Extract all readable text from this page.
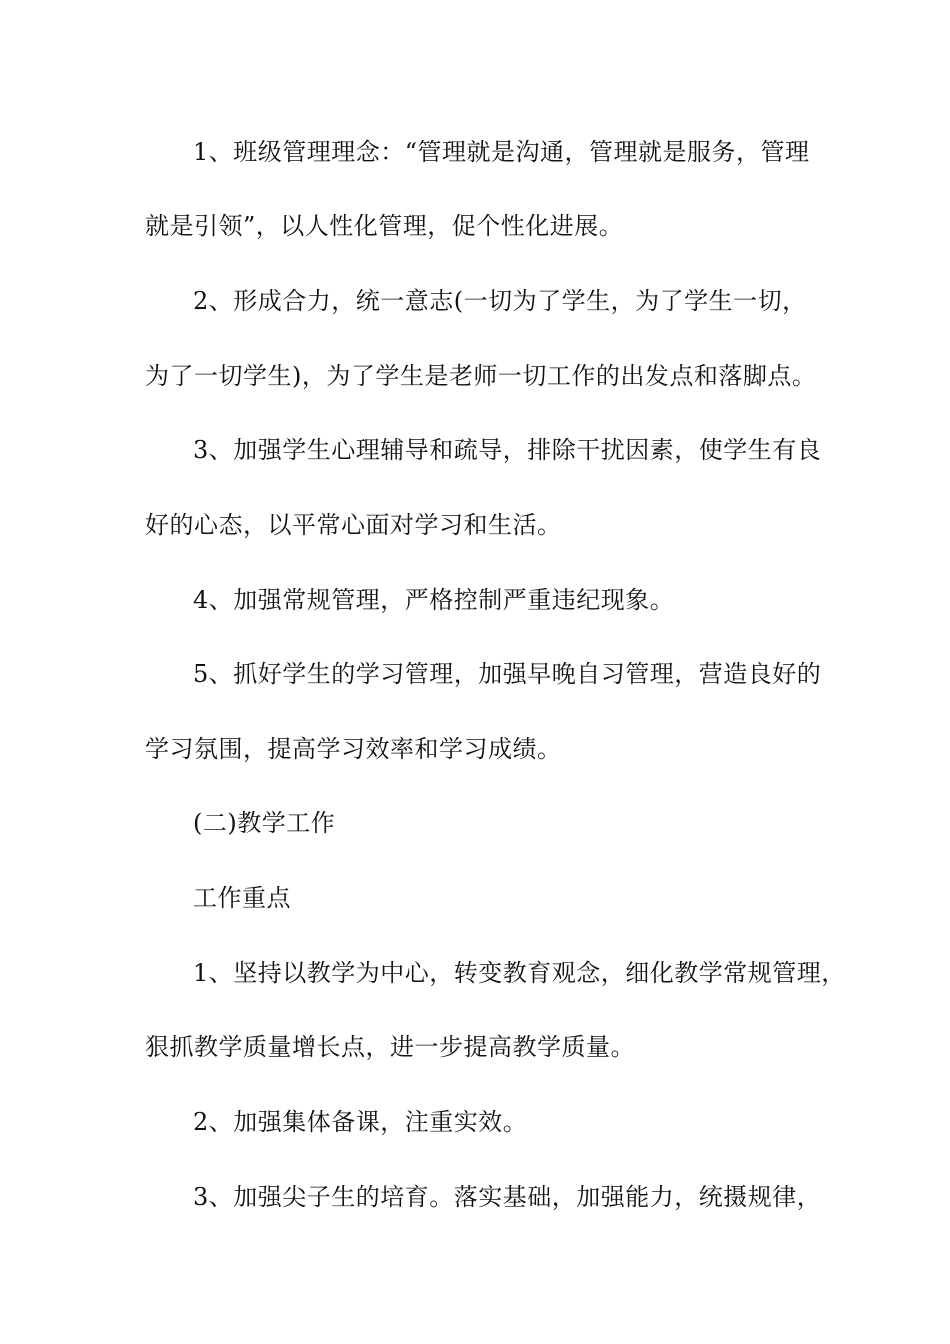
1、班级管理理念：“管理就是沟通，管理就是服务，管理
就是引领”，以人性化管理，促个性化进展。
2、形成合力，统一意志(一切为了学生，为了学生一切，
为了一切学生)，为了学生是老师一切工作的出发点和落脚点。
3、加强学生心理辅导和疏导，排除干扰因素，使学生有良
好的心态，以平常心面对学习和生活。
4、加强常规管理，严格控制严重违纪现象。
5、抓好学生的学习管理，加强早晚自习管理，营造良好的
学习氛围，提高学习效率和学习成绩。
(二)教学工作
工作重点
1、坚持以教学为中心，转变教育观念，细化教学常规管理，
狠抓教学质量增长点，进一步提高教学质量。
2、加强集体备课，注重实效。
3、加强尖子生的培育。落实基础，加强能力，统摄规律，
